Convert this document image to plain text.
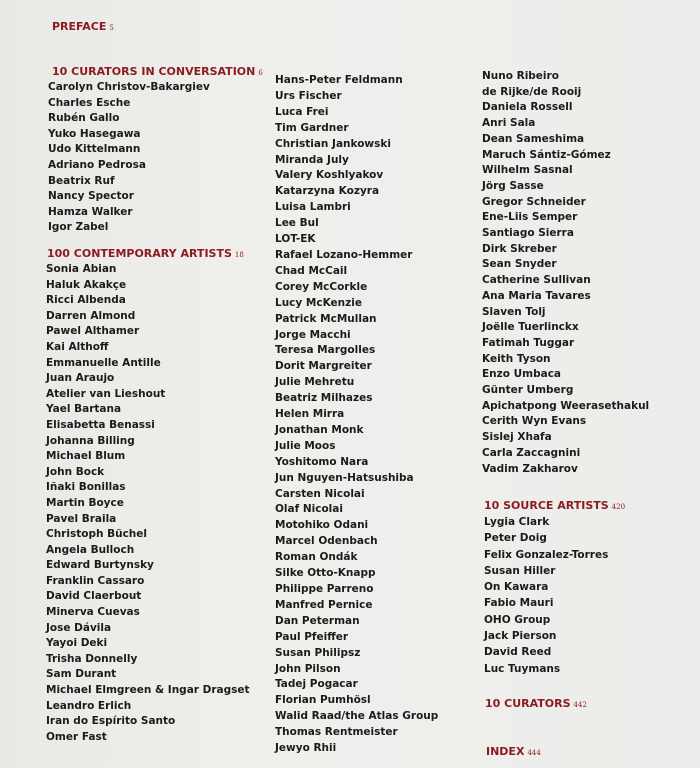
PREFACE 5
10 CURATORS IN CONVERSATION 6
Carolyn Christov-Bakargiev
Charles Esche
Rubén Gallo
Yuko Hasegawa
Udo Kittelmann
Adriano Pedrosa
Beatrix Ruf
Nancy Spector
Hamza Walker
Igor Zabel
100 CONTEMPORARY ARTISTS 18
Sonia Abian
Haluk Akakçe
Ricci Albenda
Darren Almond
Pawel Althamer
Kai Althoff
Emmanuelle Antille
Juan Araujo
Atelier van Lieshout
Yael Bartana
Elisabetta Benassi
Johanna Billing
Michael Blum
John Bock
Iñaki Bonillas
Martin Boyce
Pavel Braila
Christoph Büchel
Angela Bulloch
Edward Burtynsky
Franklin Cassaro
David Claerbout
Minerva Cuevas
Jose Dávila
Yayoi Deki
Trisha Donnelly
Sam Durant
Michael Elmgreen & Ingar Dragset
Leandro Erlich
Iran do Espírito Santo
Omer Fast
Hans-Peter Feldmann
Urs Fischer
Luca Frei
Tim Gardner
Christian Jankowski
Miranda July
Valery Koshlyakov
Katarzyna Kozyra
Luisa Lambri
Lee Bul
LOT-EK
Rafael Lozano-Hemmer
Chad McCail
Corey McCorkle
Lucy McKenzie
Patrick McMullan
Jorge Macchi
Teresa Margolles
Dorit Margreiter
Julie Mehretu
Beatriz Milhazes
Helen Mirra
Jonathan Monk
Julie Moos
Yoshitomo Nara
Jun Nguyen-Hatsushiba
Carsten Nicolai
Olaf Nicolai
Motohiko Odani
Marcel Odenbach
Roman Ondák
Silke Otto-Knapp
Philippe Parreno
Manfred Pernice
Dan Peterman
Paul Pfeiffer
Susan Philipsz
John Pilson
Tadej Pogacar
Florian Pumhösl
Walid Raad/the Atlas Group
Thomas Rentmeister
Jewyo Rhii
Nuno Ribeiro
de Rijke/de Rooij
Daniela Rossell
Anri Sala
Dean Sameshima
Maruch Sántiz-Gómez
Wilhelm Sasnal
Jörg Sasse
Gregor Schneider
Ene-Liis Semper
Santiago Sierra
Dirk Skreber
Sean Snyder
Catherine Sullivan
Ana Maria Tavares
Slaven Tolj
Joëlle Tuerlinckx
Fatimah Tuggar
Keith Tyson
Enzo Umbaca
Günter Umberg
Apichatpong Weerasethakul
Cerith Wyn Evans
Sislej Xhafa
Carla Zaccagnini
Vadim Zakharov
10 SOURCE ARTISTS 420
Lygia Clark
Peter Doig
Felix Gonzalez-Torres
Susan Hiller
On Kawara
Fabio Mauri
OHO Group
Jack Pierson
David Reed
Luc Tuymans
10 CURATORS 442
INDEX 444
